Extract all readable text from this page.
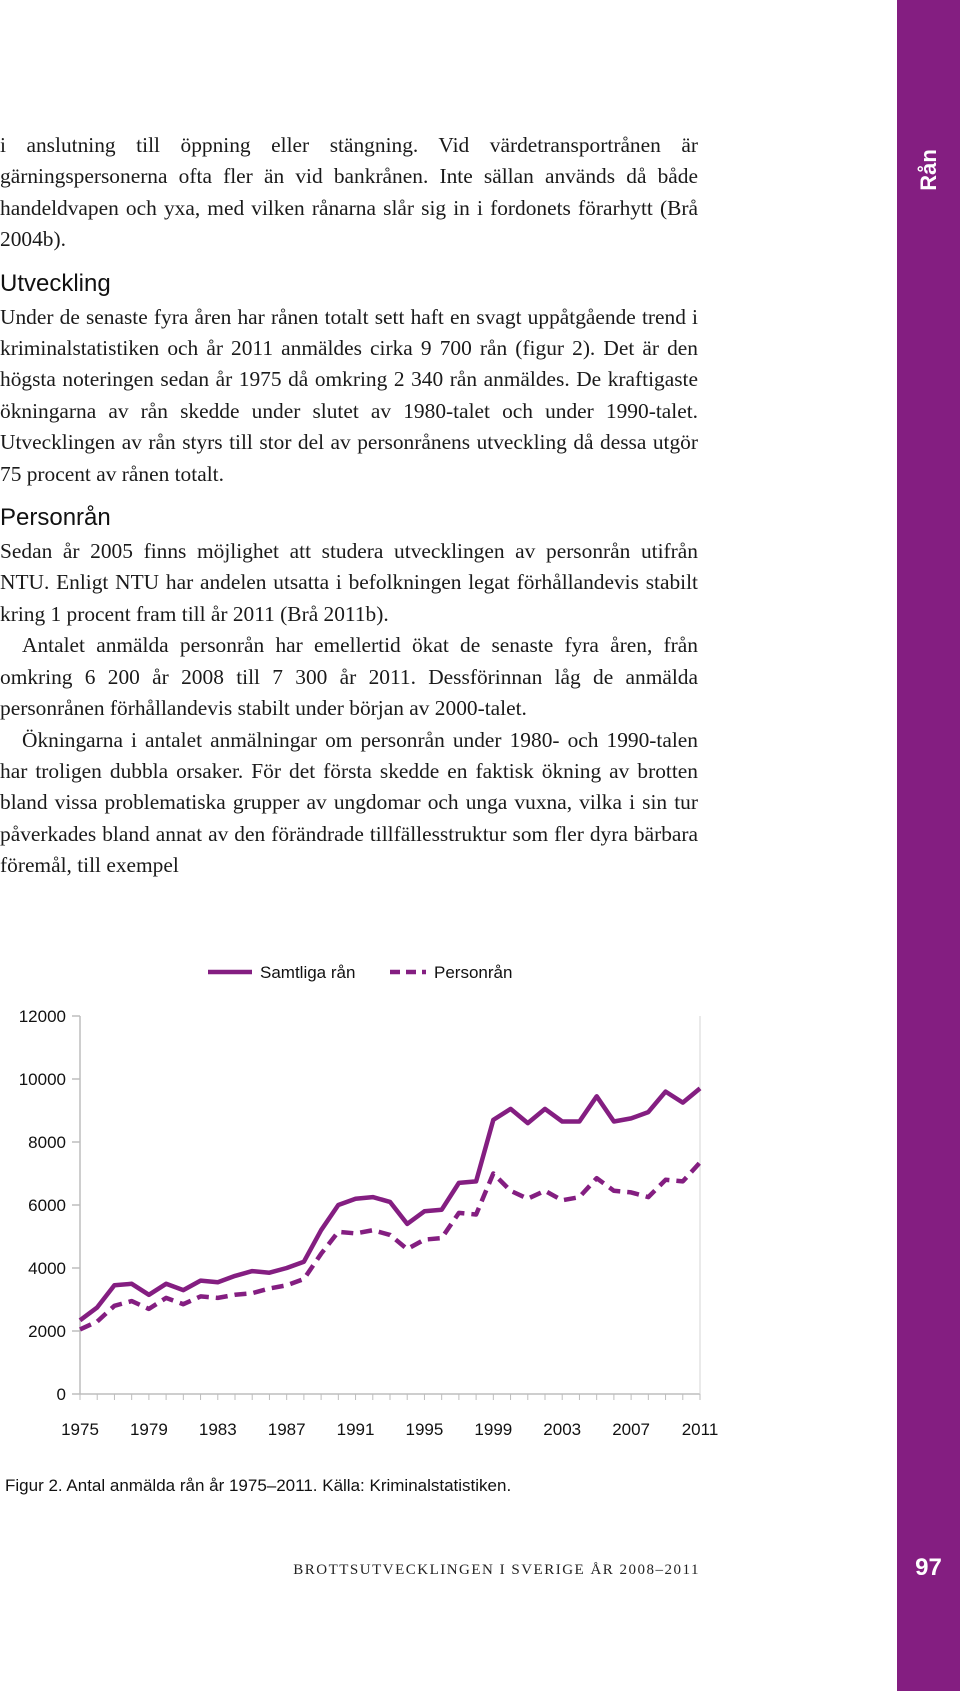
Rån
97

i anslutning till öppning eller stängning. Vid värdetransportrånen är gärningspersonerna ofta fler än vid bankrånen. Inte sällan används då både handeldvapen och yxa, med vilken rånarna slår sig in i fordonets förarhytt (Brå 2004b).

Utveckling

Under de senaste fyra åren har rånen totalt sett haft en svagt uppåtgående trend i kriminalstatistiken och år 2011 anmäldes cirka 9 700 rån (figur 2). Det är den högsta noteringen sedan år 1975 då omkring 2 340 rån anmäldes. De kraftigaste ökningarna av rån skedde under slutet av 1980-talet och under 1990-talet. Utvecklingen av rån styrs till stor del av personrånens utveckling då dessa utgör 75 procent av rånen totalt.

Personrån

Sedan år 2005 finns möjlighet att studera utvecklingen av personrån utifrån NTU. Enligt NTU har andelen utsatta i befolkningen legat förhållandevis stabilt kring 1 procent fram till år 2011 (Brå 2011b).

Antalet anmälda personrån har emellertid ökat de senaste fyra åren, från omkring 6 200 år 2008 till 7 300 år 2011. Dessförinnan låg de anmälda personrånen förhållandevis stabilt under början av 2000-talet.

Ökningarna i antalet anmälningar om personrån under 1980- och 1990-talen har troligen dubbla orsaker. För det första skedde en faktisk ökning av brotten bland vissa problematiska grupper av ungdomar och unga vuxna, vilka i sin tur påverkades bland annat av den förändrade tillfällesstruktur som fler dyra bärbara föremål, till exempel

0
2000
4000
6000
8000
10000
12000
1975 1979 1983 1987 1991 1995 1999 2003 2007 2011
Samtliga rån	Personrån
Figur 2. Antal anmälda rån år 1975–2011. Källa: Kriminalstatistiken.
BROTTSUTVECKLINGEN I SVERIGE ÅR 2008–2011
